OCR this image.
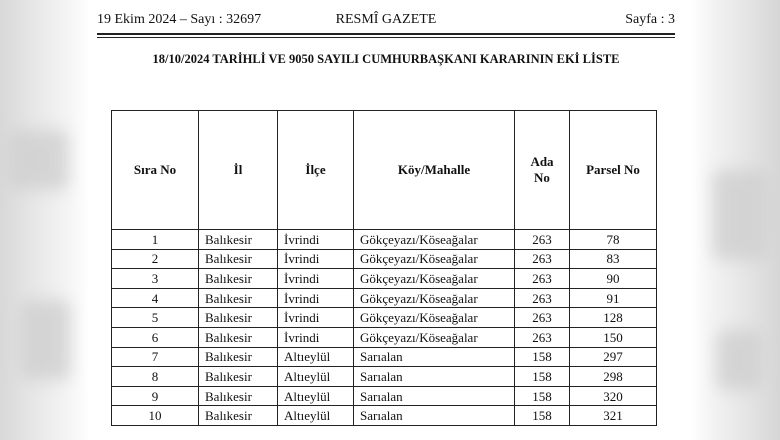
19 Ekim 2024 – Sayı : 32697	RESMÎ GAZETE	Sayfa : 3
18/10/2024 TARİHLİ VE 9050 SAYILI CUMHURBAŞKANI KARARININ EKİ LİSTE
Sıra No	İl	İlçe	Köy/Mahalle	Ada No	Parsel No
1	Balıkesir	İvrindi	Gökçeyazı/Köseağalar	263	78
2	Balıkesir	İvrindi	Gökçeyazı/Köseağalar	263	83
3	Balıkesir	İvrindi	Gökçeyazı/Köseağalar	263	90
4	Balıkesir	İvrindi	Gökçeyazı/Köseağalar	263	91
5	Balıkesir	İvrindi	Gökçeyazı/Köseağalar	263	128
6	Balıkesir	İvrindi	Gökçeyazı/Köseağalar	263	150
7	Balıkesir	Altıeylül	Sarıalan	158	297
8	Balıkesir	Altıeylül	Sarıalan	158	298
9	Balıkesir	Altıeylül	Sarıalan	158	320
10	Balıkesir	Altıeylül	Sarıalan	158	321
